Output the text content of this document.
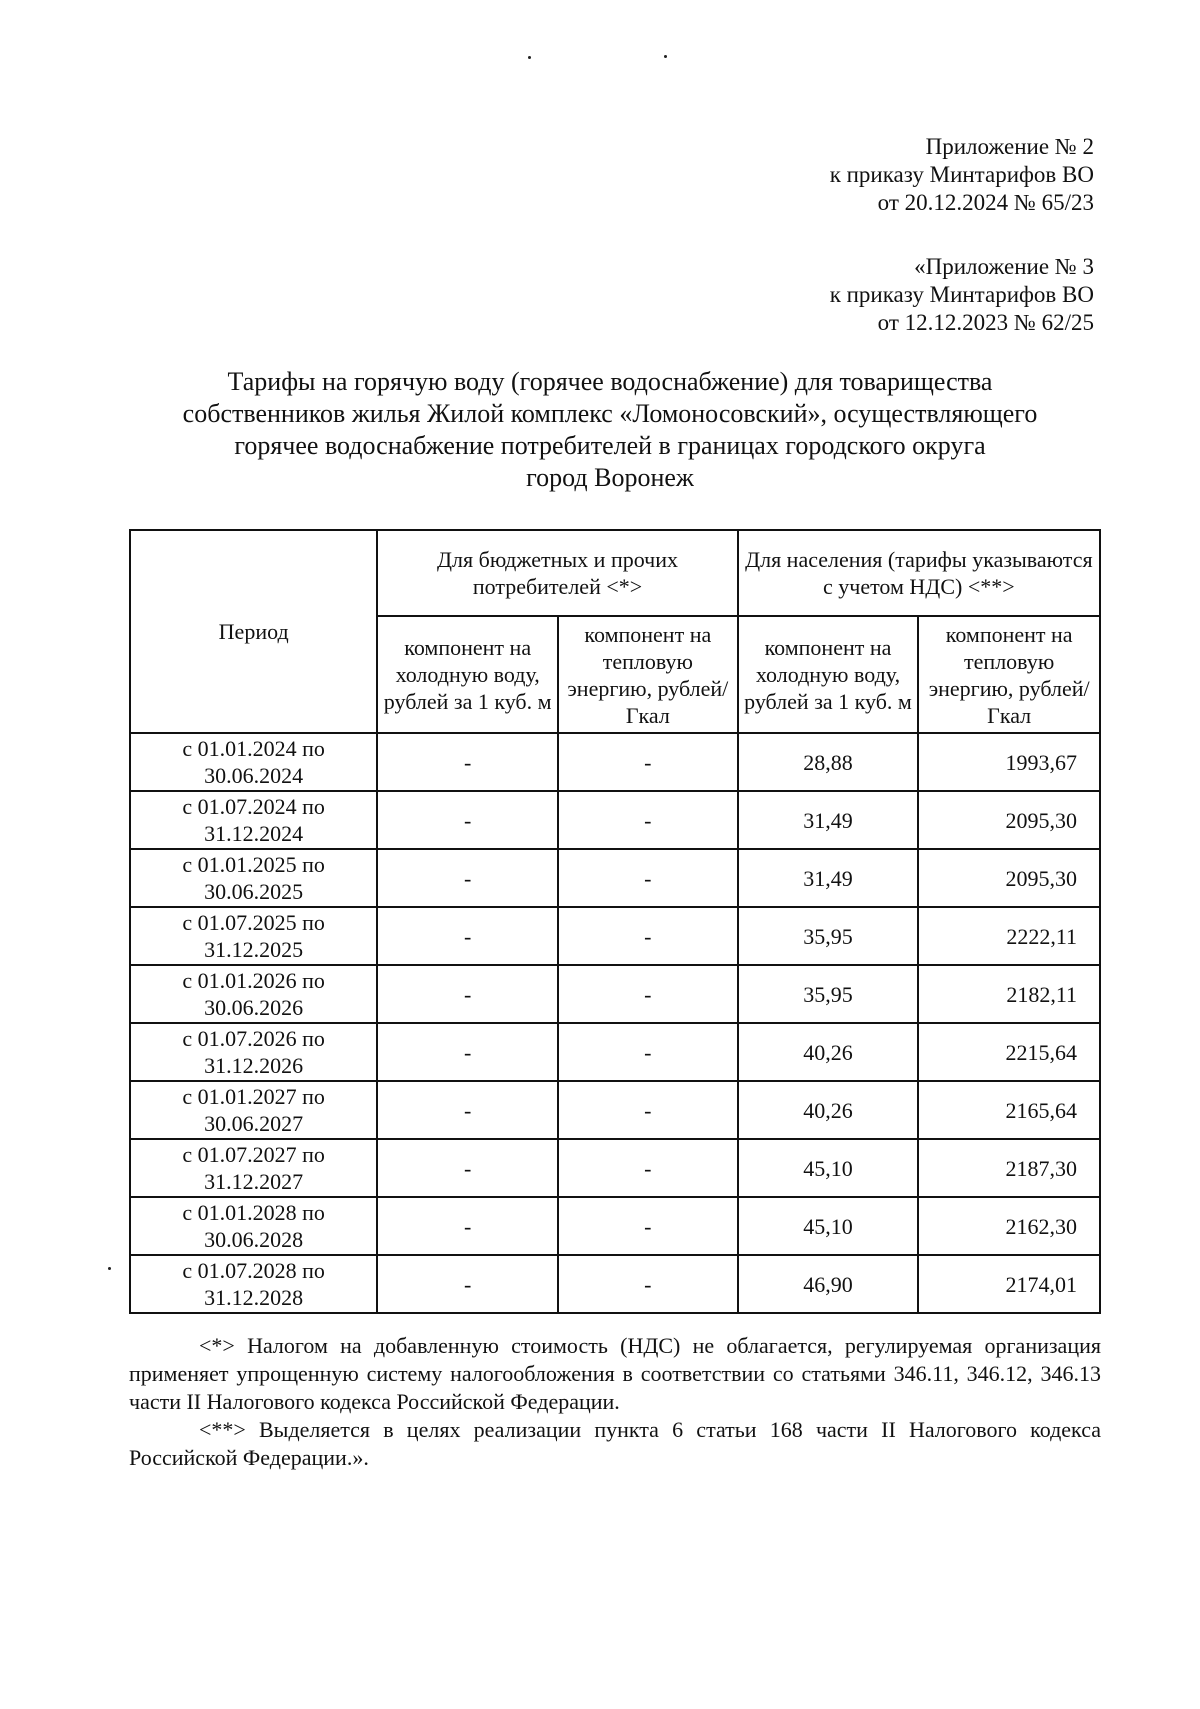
Приложение № 2
к приказу Минтарифов ВО
от 20.12.2024 № 65/23
«Приложение № 3
к приказу Минтарифов ВО
от 12.12.2023 № 62/25
Тарифы на горячую воду (горячее водоснабжение) для товарищества
собственников жилья Жилой комплекс «Ломоносовский», осуществляющего
горячее водоснабжение потребителей в границах городского округа
город Воронеж
Период	Для бюджетных и прочих потребителей <*>		Для населения (тарифы указываются с учетом НДС) <**>	
	компонент на холодную воду, рублей за 1 куб. м	компонент на тепловую энергию, рублей/Гкал	компонент на холодную воду, рублей за 1 куб. м	компонент на тепловую энергию, рублей/Гкал

с 01.01.2024 по
30.06.2024	-	-	28,88	1993,67

с 01.07.2024 по
31.12.2024	-	-	31,49	2095,30

с 01.01.2025 по
30.06.2025	-	-	31,49	2095,30

с 01.07.2025 по
31.12.2025	-	-	35,95	2222,11

с 01.01.2026 по
30.06.2026	-	-	35,95	2182,11

с 01.07.2026 по
31.12.2026	-	-	40,26	2215,64

с 01.01.2027 по
30.06.2027	-	-	40,26	2165,64

с 01.07.2027 по
31.12.2027	-	-	45,10	2187,30

с 01.01.2028 по
30.06.2028	-	-	45,10	2162,30

с 01.07.2028 по
31.12.2028	-	-	46,90	2174,01

<*> Налогом на добавленную стоимость (НДС) не облагается, регулируемая организация применяет упрощенную систему налогообложения в соответствии со статьями 346.11, 346.12, 346.13 части II Налогового кодекса Российской Федерации.

<**> Выделяется в целях реализации пункта 6 статьи 168 части II Налогового кодекса Российской Федерации.».
